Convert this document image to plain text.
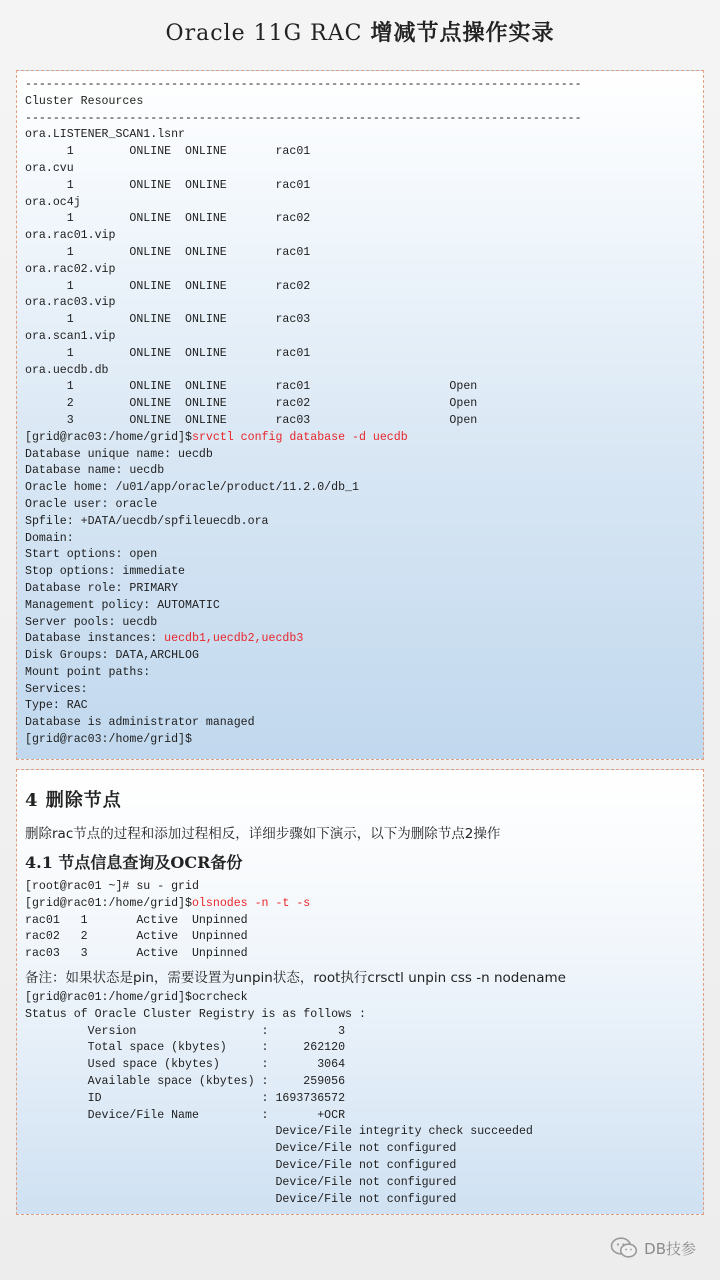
Oracle 11G RAC 增减节点操作实录
--------------------------------------------------------------------------------
Cluster Resources
--------------------------------------------------------------------------------
ora.LISTENER_SCAN1.lsnr
1        ONLINE  ONLINE       rac01
ora.cvu
1        ONLINE  ONLINE       rac01
ora.oc4j
1        ONLINE  ONLINE       rac02
ora.rac01.vip
1        ONLINE  ONLINE       rac01
ora.rac02.vip
1        ONLINE  ONLINE       rac02
ora.rac03.vip
1        ONLINE  ONLINE       rac03
ora.scan1.vip
1        ONLINE  ONLINE       rac01
ora.uecdb.db
1        ONLINE  ONLINE       rac01                    Open
2        ONLINE  ONLINE       rac02                    Open
3        ONLINE  ONLINE       rac03                    Open
[grid@rac03:/home/grid]$srvctl config database -d uecdb
Database unique name: uecdb
Database name: uecdb
Oracle home: /u01/app/oracle/product/11.2.0/db_1
Oracle user: oracle
Spfile: +DATA/uecdb/spfileuecdb.ora
Domain:
Start options: open
Stop options: immediate
Database role: PRIMARY
Management policy: AUTOMATIC
Server pools: uecdb
Database instances: uecdb1,uecdb2,uecdb3
Disk Groups: DATA,ARCHLOG
Mount point paths:
Services:
Type: RAC
Database is administrator managed
[grid@rac03:/home/grid]$
4 删除节点

删除rac节点的过程和添加过程相反，详细步骤如下演示，以下为删除节点2操作

4.1 节点信息查询及OCR备份
[root@rac01 ~]# su - grid
[grid@rac01:/home/grid]$olsnodes -n -t -s
rac01   1       Active  Unpinned
rac02   2       Active  Unpinned
rac03   3       Active  Unpinned

备注：如果状态是pin，需要设置为unpin状态，root执行crsctl unpin css -n nodename

[grid@rac01:/home/grid]$ocrcheck
Status of Oracle Cluster Registry is as follows :
Version                  :          3
Total space (kbytes)     :     262120
Used space (kbytes)      :       3064
Available space (kbytes) :     259056
ID                       : 1693736572
Device/File Name         :       +OCR
Device/File integrity check succeeded
Device/File not configured
Device/File not configured
Device/File not configured
Device/File not configured
DB技参
